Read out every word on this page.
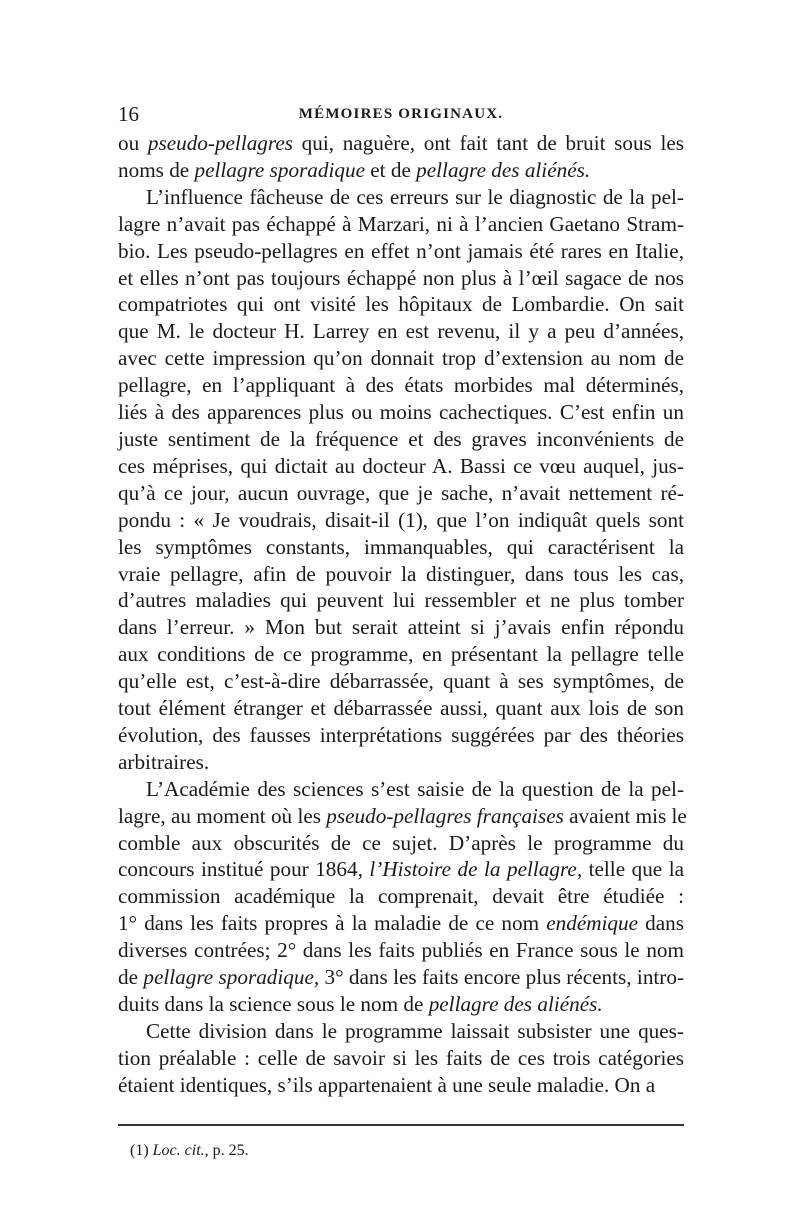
16	MÉMOIRES ORIGINAUX.
ou pseudo-pellagres qui, naguère, ont fait tant de bruit sous les
noms de pellagre sporadique et de pellagre des aliénés.
L’influence fâcheuse de ces erreurs sur le diagnostic de la pel-
lagre n’avait pas échappé à Marzari, ni à l’ancien Gaetano Stram-
bio. Les pseudo-pellagres en effet n’ont jamais été rares en Italie,
et elles n’ont pas toujours échappé non plus à l’œil sagace de nos
compatriotes qui ont visité les hôpitaux de Lombardie. On sait
que M. le docteur H. Larrey en est revenu, il y a peu d’années,
avec cette impression qu’on donnait trop d’extension au nom de
pellagre, en l’appliquant à des états morbides mal déterminés,
liés à des apparences plus ou moins cachectiques. C’est enfin un
juste sentiment de la fréquence et des graves inconvénients de
ces méprises, qui dictait au docteur A. Bassi ce vœu auquel, jus-
qu’à ce jour, aucun ouvrage, que je sache, n’avait nettement ré-
pondu : « Je voudrais, disait-il (1), que l’on indiquât quels sont
les symptômes constants, immanquables, qui caractérisent la
vraie pellagre, afin de pouvoir la distinguer, dans tous les cas,
d’autres maladies qui peuvent lui ressembler et ne plus tomber
dans l’erreur. » Mon but serait atteint si j’avais enfin répondu
aux conditions de ce programme, en présentant la pellagre telle
qu’elle est, c’est-à-dire débarrassée, quant à ses symptômes, de
tout élément étranger et débarrassée aussi, quant aux lois de son
évolution, des fausses interprétations suggérées par des théories
arbitraires.
L’Académie des sciences s’est saisie de la question de la pel-
lagre, au moment où les pseudo-pellagres françaises avaient mis le
comble aux obscurités de ce sujet. D’après le programme du
concours institué pour 1864, l’Histoire de la pellagre, telle que la
commission académique la comprenait, devait être étudiée :
1° dans les faits propres à la maladie de ce nom endémique dans
diverses contrées; 2° dans les faits publiés en France sous le nom
de pellagre sporadique, 3° dans les faits encore plus récents, intro-
duits dans la science sous le nom de pellagre des aliénés.
Cette division dans le programme laissait subsister une ques-
tion préalable : celle de savoir si les faits de ces trois catégories
étaient identiques, s’ils appartenaient à une seule maladie. On a
(1) Loc. cit., p. 25.
